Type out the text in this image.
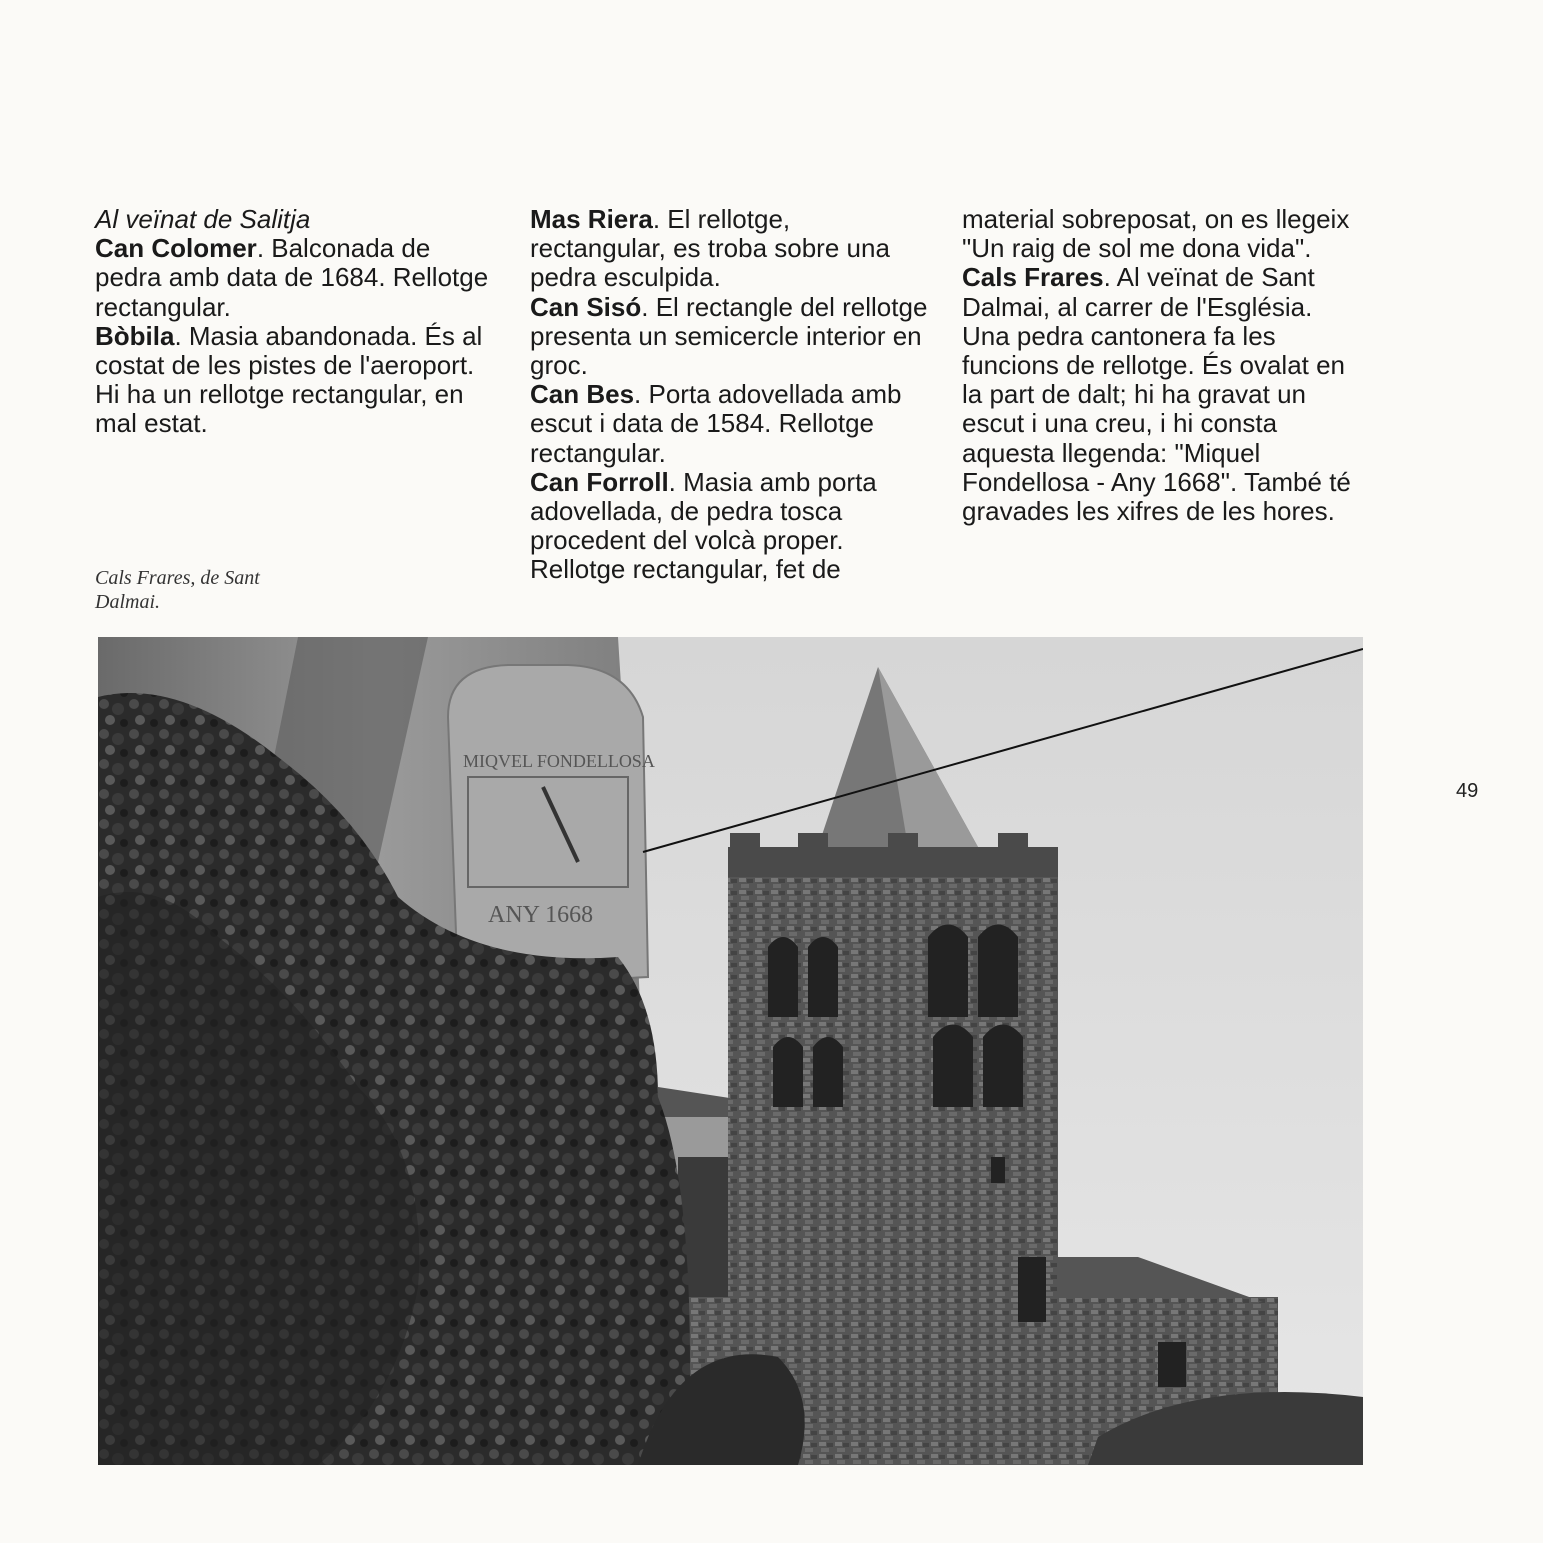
Al veïnat de Salitja

Can Colomer. Balconada de pedra amb data de 1684. Rellotge rectangular.

Bòbila. Masia abandonada. És al costat de les pistes de l'aeroport. Hi ha un rellotge rectangular, en mal estat.

Mas Riera. El rellotge, rectangular, es troba sobre una pedra esculpida.

Can Sisó. El rectangle del rellotge presenta un semicercle interior en groc.

Can Bes. Porta adovellada amb escut i data de 1584. Rellotge rectangular.

Can Forroll. Masia amb porta adovellada, de pedra tosca procedent del volcà proper. Rellotge rectangular, fet de

material sobreposat, on es llegeix "Un raig de sol me dona vida".

Cals Frares. Al veïnat de Sant Dalmai, al carrer de l'Església. Una pedra cantonera fa les funcions de rellotge. És ovalat en la part de dalt; hi ha gravat un escut i una creu, i hi consta aquesta llegenda: "Miquel Fondellosa - Any 1668". També té gravades les xifres de les hores.

Cals Frares, de Sant Dalmai.
49
MIQVEL FONDELLOSA
ANY 1668
